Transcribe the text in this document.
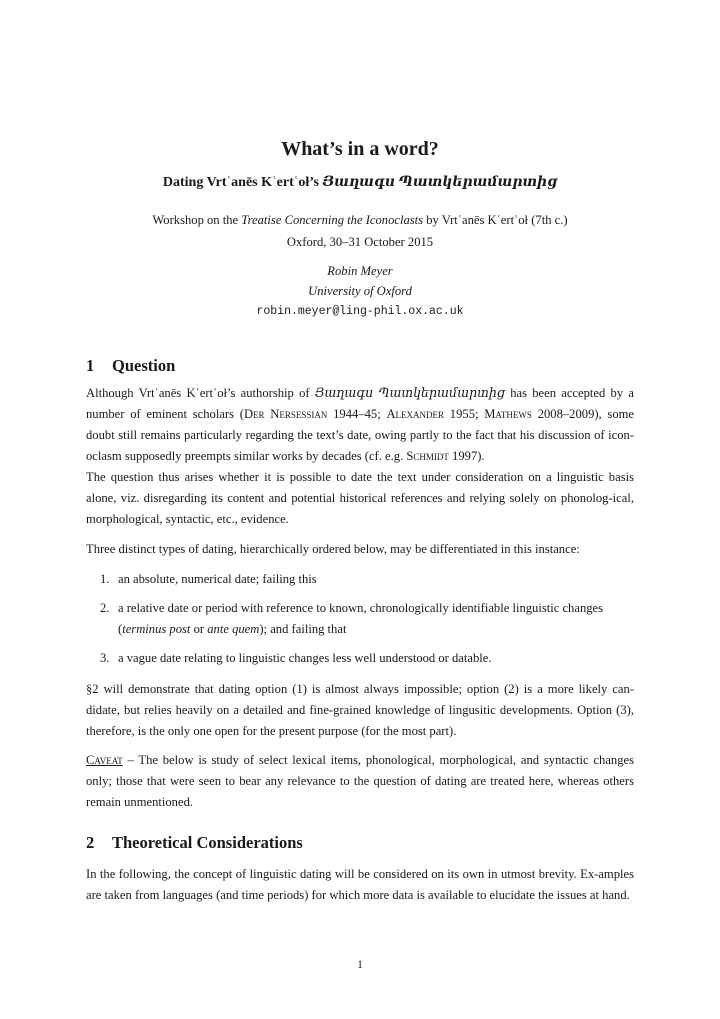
What’s in a word?
Dating Vrtʿanēs Kʿertʿoł’s Յաղագս Պատկերամարտից
Workshop on the Treatise Concerning the Iconoclasts by Vrtʿanēs Kʿertʿoł (7th c.)
Oxford, 30–31 October 2015
Robin Meyer
University of Oxford
robin.meyer@ling-phil.ox.ac.uk
1 Question

Although Vrtʿanēs Kʿertʿoł’s authorship of Յաղագս Պատկերամարտից has been accepted by a number of eminent scholars (Der Nersessian 1944–45; Alexander 1955; Mathews 2008–2009), some doubt still remains particularly regarding the text’s date, owing partly to the fact that his discussion of icon-oclasm supposedly preempts similar works by decades (cf. e.g. Schmidt 1997).

The question thus arises whether it is possible to date the text under consideration on a linguistic basis alone, viz. disregarding its content and potential historical references and relying solely on phonolog-ical, morphological, syntactic, etc., evidence.

Three distinct types of dating, hierarchically ordered below, may be differentiated in this instance:
1. an absolute, numerical date; failing this
2. a relative date or period with reference to known, chronologically identifiable linguistic changes
(terminus post or ante quem); and failing that
3. a vague date relating to linguistic changes less well understood or datable.
§2 will demonstrate that dating option (1) is almost always impossible; option (2) is a more likely can-didate, but relies heavily on a detailed and fine-grained knowledge of lingusitic developments. Option (3), therefore, is the only one open for the present purpose (for the most part).
Caveat – The below is study of select lexical items, phonological, morphological, and syntactic changes only; those that were seen to bear any relevance to the question of dating are treated here, whereas others remain unmentioned.
2 Theoretical Considerations
In the following, the concept of linguistic dating will be considered on its own in utmost brevity. Ex-amples are taken from languages (and time periods) for which more data is available to elucidate the issues at hand.
1
